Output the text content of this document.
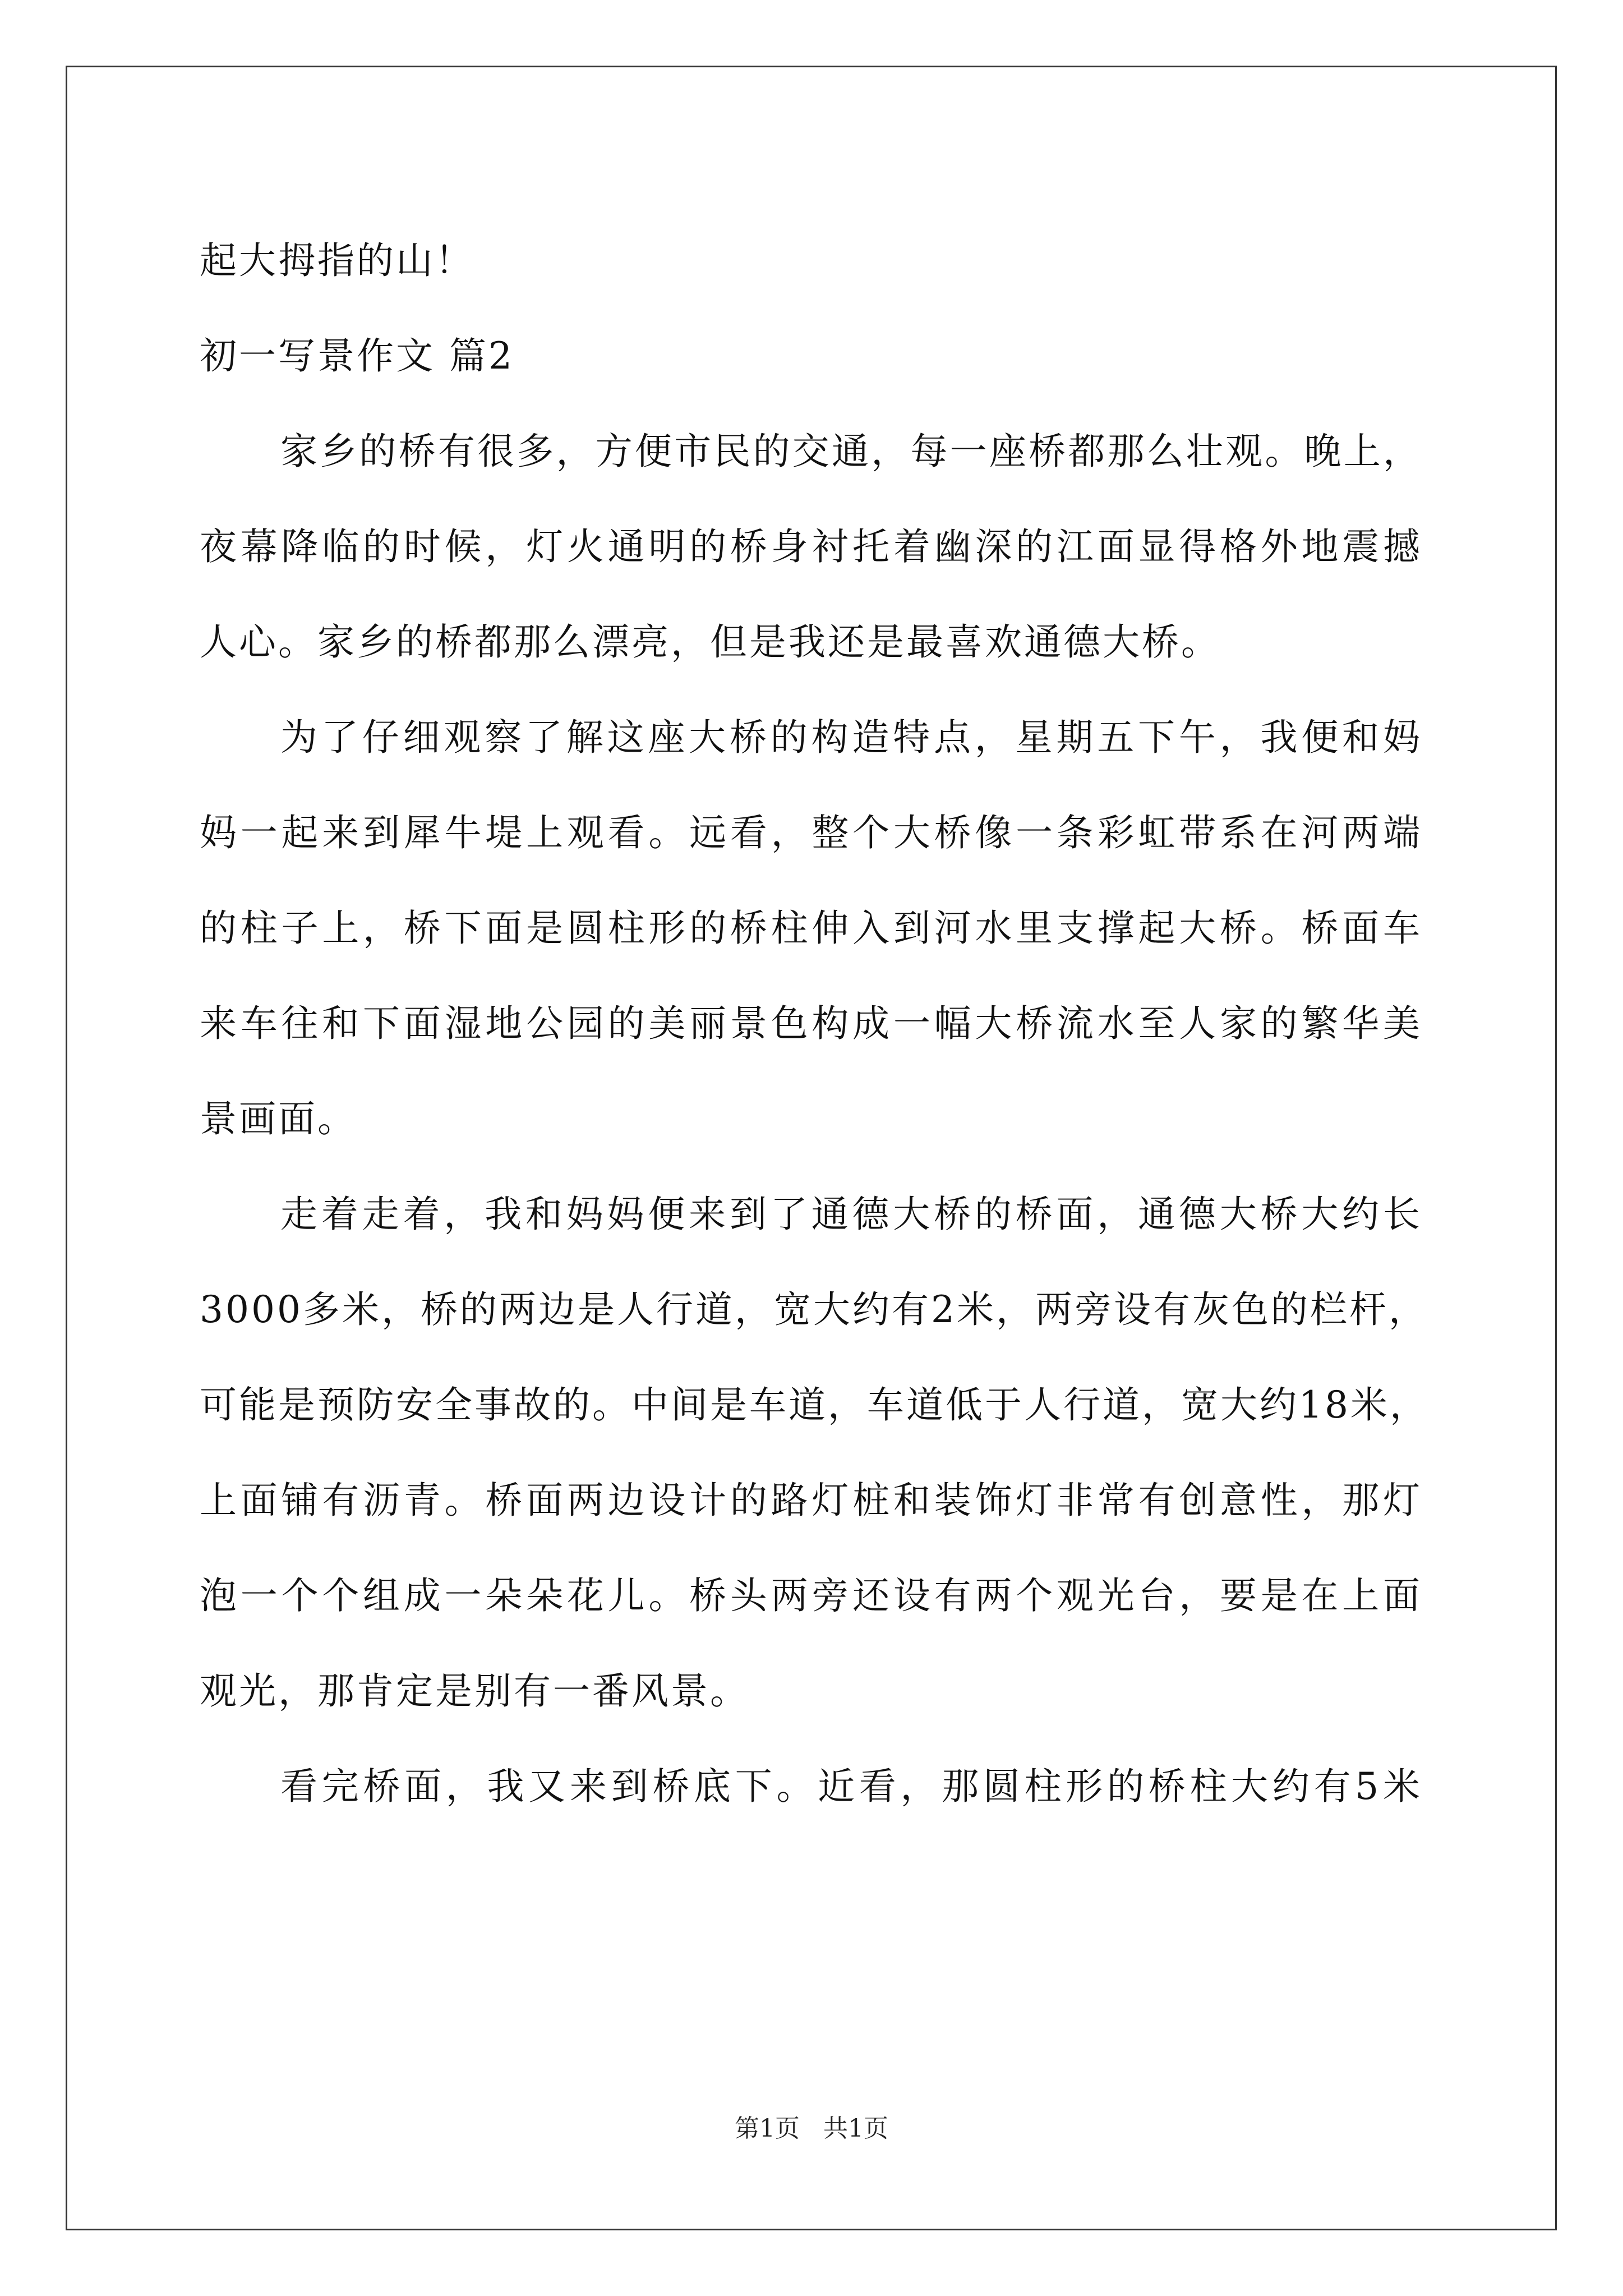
起大拇指的山！

初一写景作文 篇2

家乡的桥有很多，方便市民的交通，每一座桥都那么壮观。晚上，

夜幕降临的时候，灯火通明的桥身衬托着幽深的江面显得格外地震撼

人心。家乡的桥都那么漂亮，但是我还是最喜欢通德大桥。

为了仔细观察了解这座大桥的构造特点，星期五下午，我便和妈

妈一起来到犀牛堤上观看。远看，整个大桥像一条彩虹带系在河两端

的柱子上，桥下面是圆柱形的桥柱伸入到河水里支撑起大桥。桥面车

来车往和下面湿地公园的美丽景色构成一幅大桥流水至人家的繁华美

景画面。

走着走着，我和妈妈便来到了通德大桥的桥面，通德大桥大约长

3000多米，桥的两边是人行道，宽大约有2米，两旁设有灰色的栏杆，

可能是预防安全事故的。中间是车道，车道低于人行道，宽大约18米，

上面铺有沥青。桥面两边设计的路灯桩和装饰灯非常有创意性，那灯

泡一个个组成一朵朵花儿。桥头两旁还设有两个观光台，要是在上面

观光，那肯定是别有一番风景。

看完桥面，我又来到桥底下。近看，那圆柱形的桥柱大约有5米

第1页   共1页
